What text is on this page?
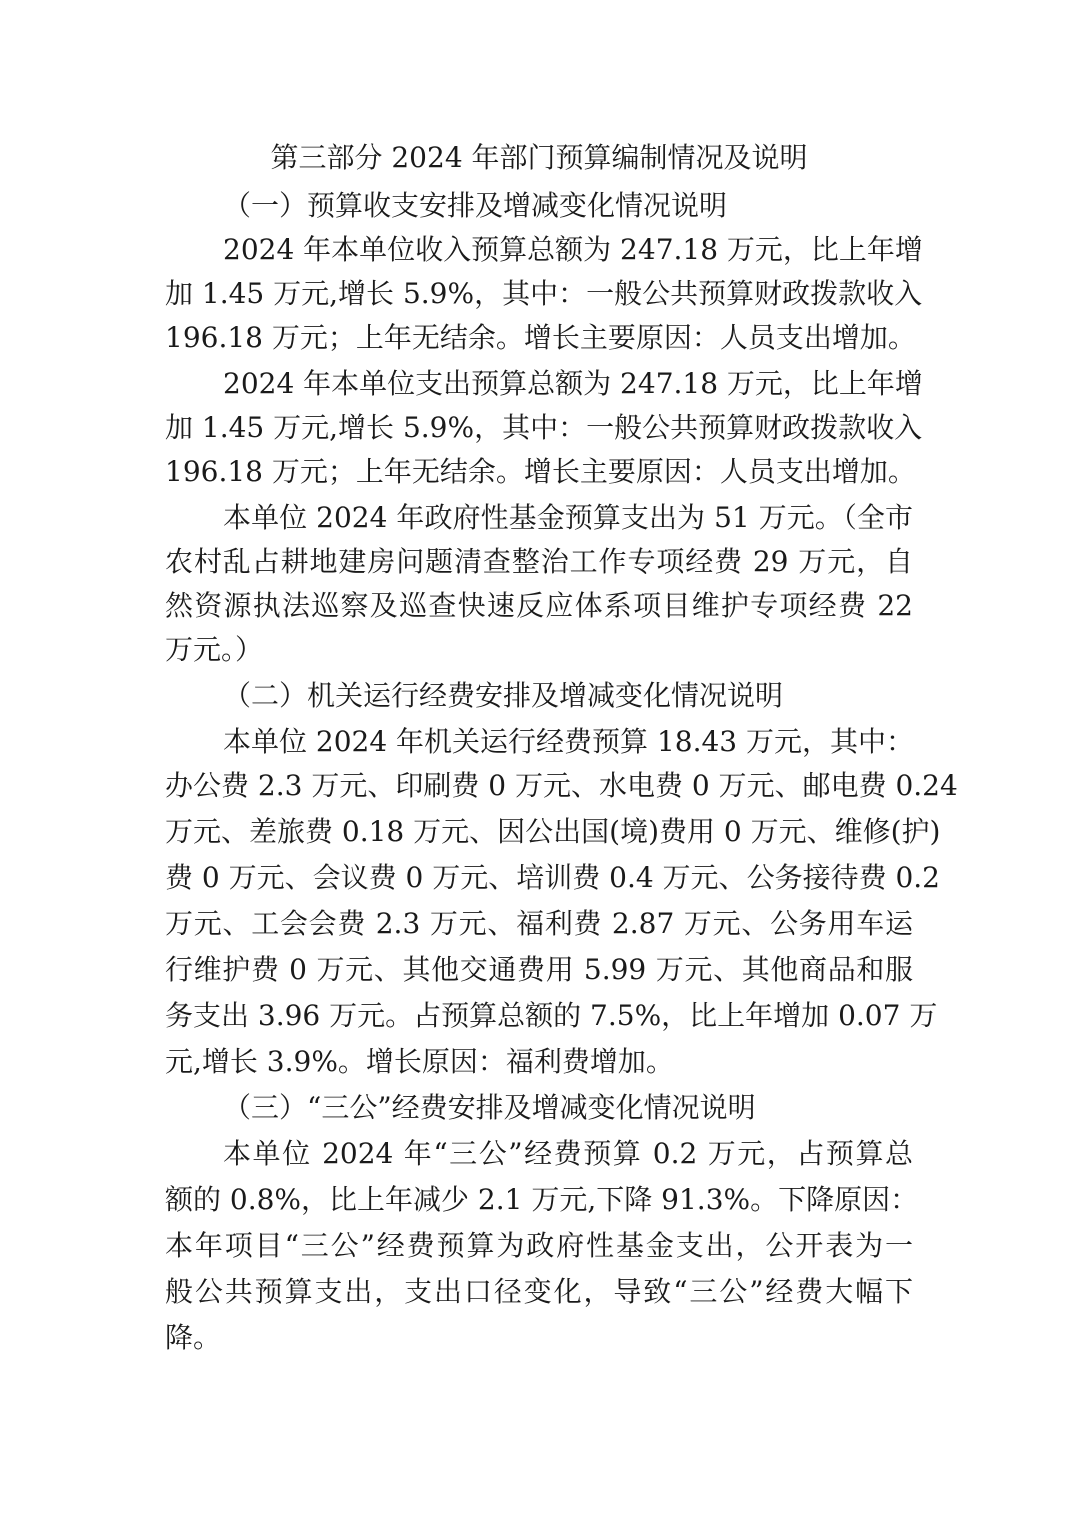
第三部分 2024 年部门预算编制情况及说明
（一）预算收支安排及增减变化情况说明
2024 年本单位收入预算总额为 247.18 万元，比上年增
加 1.45 万元,增长 5.9%，其中：一般公共预算财政拨款收入
196.18 万元；上年无结余。增长主要原因：人员支出增加。
2024 年本单位支出预算总额为 247.18 万元，比上年增
加 1.45 万元,增长 5.9%，其中：一般公共预算财政拨款收入
196.18 万元；上年无结余。增长主要原因：人员支出增加。
本单位 2024 年政府性基金预算支出为 51 万元。（全市
农村乱占耕地建房问题清查整治工作专项经费 29 万元，自
然资源执法巡察及巡查快速反应体系项目维护专项经费 22
万元。）
（二）机关运行经费安排及增减变化情况说明
本单位 2024 年机关运行经费预算 18.43 万元，其中：
办公费 2.3 万元、印刷费 0 万元、水电费 0 万元、邮电费 0.24
万元、差旅费 0.18 万元、因公出国(境)费用 0 万元、维修(护)
费 0 万元、会议费 0 万元、培训费 0.4 万元、公务接待费 0.2
万元、工会会费 2.3 万元、福利费 2.87 万元、公务用车运
行维护费 0 万元、其他交通费用 5.99 万元、其他商品和服
务支出 3.96 万元。占预算总额的 7.5%，比上年增加 0.07 万
元,增长 3.9%。增长原因：福利费增加。
（三）“三公”经费安排及增减变化情况说明
本单位 2024 年“三公”经费预算 0.2 万元，占预算总
额的 0.8%，比上年减少 2.1 万元,下降 91.3%。下降原因：
本年项目“三公”经费预算为政府性基金支出，公开表为一
般公共预算支出，支出口径变化，导致“三公”经费大幅下
降。
